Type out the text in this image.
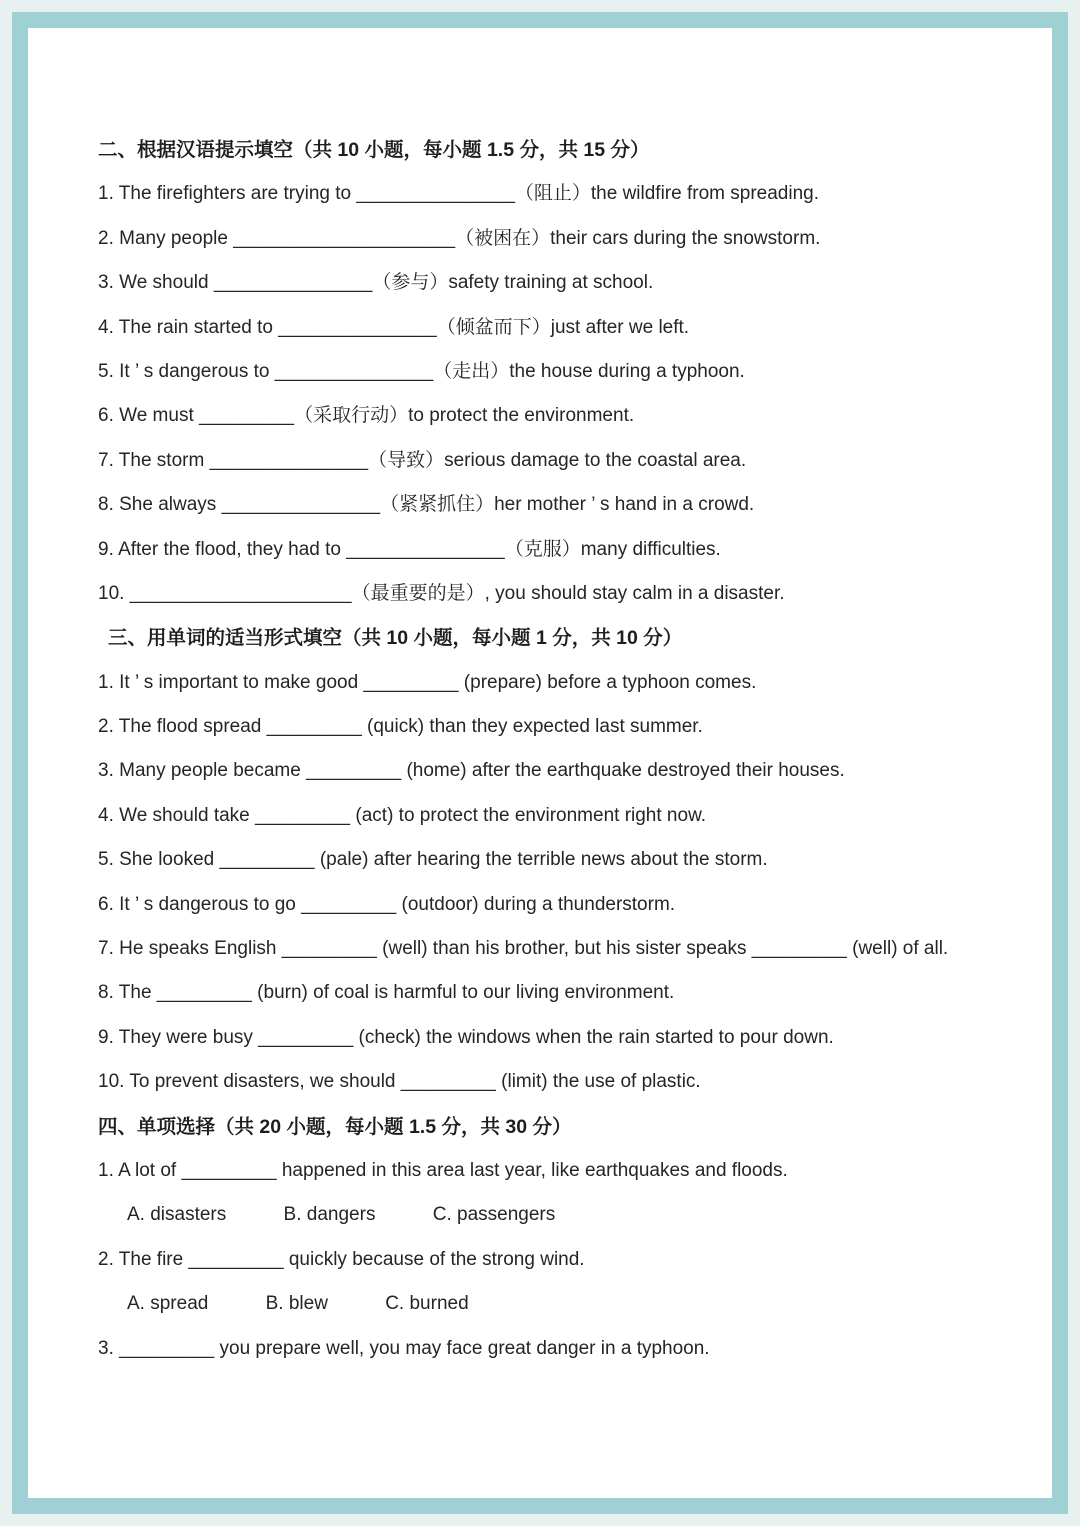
二、根据汉语提示填空（共 10 小题，每小题 1.5 分，共 15 分）
1. The firefighters are trying to _______________（阻止）the wildfire from spreading.
2. Many people _____________________（被困在）their cars during the snowstorm.
3. We should _______________（参与）safety training at school.
4. The rain started to _______________（倾盆而下）just after we left.
5. It ’ s dangerous to _______________（走出）the house during a typhoon.
6. We must _________（采取行动）to protect the environment.
7. The storm _______________（导致）serious damage to the coastal area.
8. She always _______________（紧紧抓住）her mother ’ s hand in a crowd.
9. After the flood, they had to _______________（克服）many difficulties.
10. _____________________（最重要的是）, you should stay calm in a disaster.
三、用单词的适当形式填空（共 10 小题，每小题 1 分，共 10 分）
1. It ’ s important to make good _________ (prepare) before a typhoon comes.
2. The flood spread _________ (quick) than they expected last summer.
3. Many people became _________ (home) after the earthquake destroyed their houses.
4. We should take _________ (act) to protect the environment right now.
5. She looked _________ (pale) after hearing the terrible news about the storm.
6. It ’ s dangerous to go _________ (outdoor) during a thunderstorm.
7. He speaks English _________ (well) than his brother, but his sister speaks _________ (well) of all.
8. The _________ (burn) of coal is harmful to our living environment.
9. They were busy _________ (check) the windows when the rain started to pour down.
10. To prevent disasters, we should _________ (limit) the use of plastic.
四、单项选择（共 20 小题，每小题 1.5 分，共 30 分）
1. A lot of _________ happened in this area last year, like earthquakes and floods.
A. disasters	B. dangers	C. passengers
2. The fire _________ quickly because of the strong wind.
A. spread	B. blew	C. burned
3. _________ you prepare well, you may face great danger in a typhoon.
